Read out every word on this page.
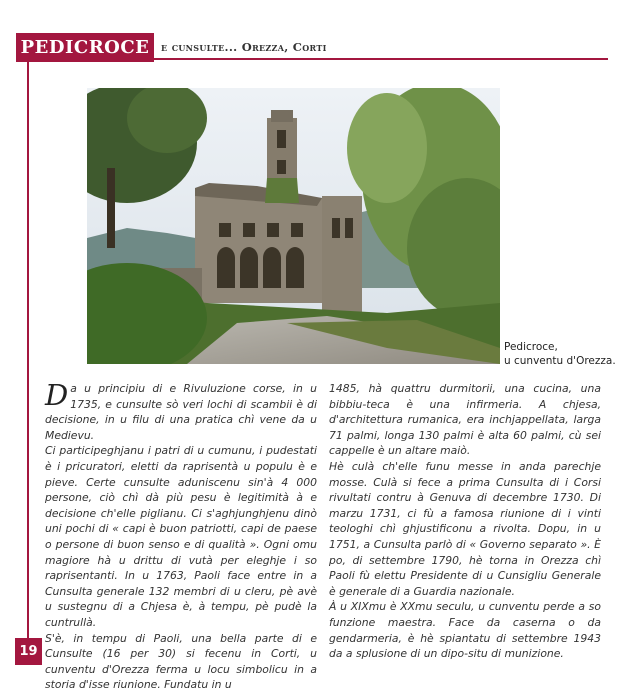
PEDICROCE	e cunsulte... Orezza, Corti
Pedicroce,
u cunventu d'Orezza.

Da u principiu di e Rivuluzione corse, in u 1735, e cunsulte sò veri lochi di scambii è di decisione, in u filu di una pratica chì vene da u Medievu.

Ci participeghjanu i patri di u cumunu, i pudestati è i pricuratori, eletti da raprisentà u populu è e pieve. Certe cunsulte aduniscenu sin'à 4 000 persone, ciò chì dà più pesu è legitimità à e decisione ch'elle piglianu. Ci s'aghjunghjenu dinò uni pochi di « capi è buon patriotti, capi de paese o persone di buon senso e di qualità ». Ogni omu magiore hà u drittu di vutà per eleghje i so raprisentanti. In u 1763, Paoli face entre in a Cunsulta generale 132 membri di u cleru, pè avè u sustegnu di a Chjesa è, à tempu, pè pudè la cuntrullà.

S'è, in tempu di Paoli, una bella parte di e Cunsulte (16 per 30) si fecenu in Corti, u cunventu d'Orezza ferma u locu simbolicu in a storia d'isse riunione. Fundatu in u

1485, hà quattru durmitorii, una cucina, una bibbiu-teca è una infirmeria. A chjesa, d'architettura rumanica, era inchjappellata, larga 71 palmi, longa 130 palmi è alta 60 palmi, cù sei cappelle è un altare maiò.

Hè culà ch'elle funu messe in anda parechje mosse. Culà si fece a prima Cunsulta di i Corsi rivultati contru à Genuva di decembre 1730. Di marzu 1731, ci fù a famosa riunione di i vinti teologhi chì ghjustificonu a rivolta. Dopu, in u 1751, a Cunsulta parlò di « Governo separato ». È po, di settembre 1790, hè torna in Orezza chì Paoli fù elettu Presidente di u Cunsigliu Generale è generale di a Guardia nazionale.

À u XIXmu è XXmu seculu, u cunventu perde a so funzione maestra. Face da caserna o da gendarmeria, è hè spiantatu di settembre 1943 da a splusione di un dipo-situ di munizione.

19
